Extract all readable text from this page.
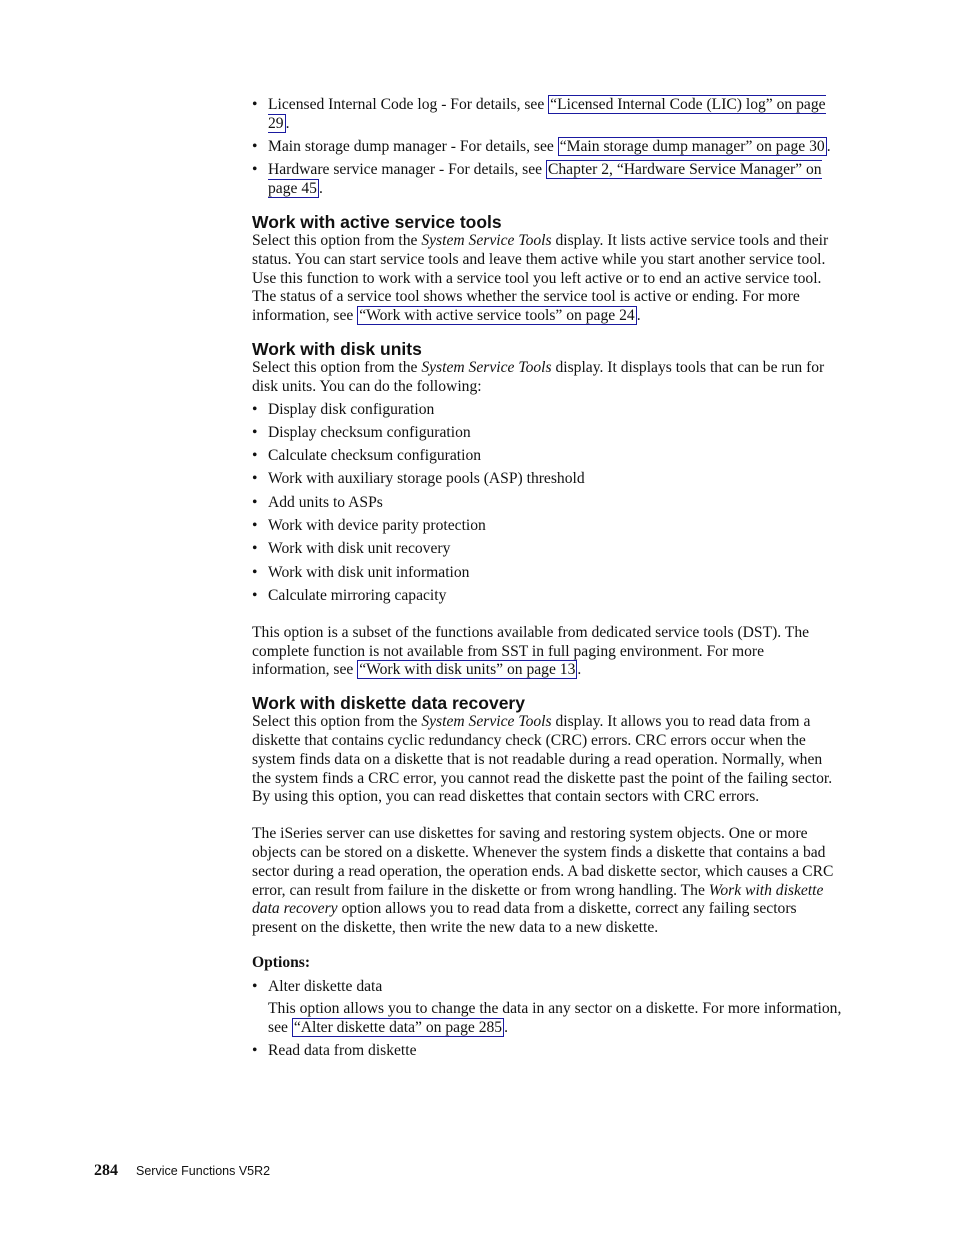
• Licensed Internal Code log - For details, see “Licensed Internal Code (LIC) log” on page 29 .
• Main storage dump manager - For details, see “Main storage dump manager” on page 30 .
• Hardware service manager - For details, see Chapter 2, “Hardware Service Manager” on page 45 .
Work with active service tools

Select this option from the System Service Tools display. It lists active service tools and their status. You can start service tools and leave them active while you start another service tool. Use this function to work with a service tool you left active or to end an active service tool. The status of a service tool shows whether the service tool is active or ending. For more information, see “Work with active service tools” on page 24 .

Work with disk units

Select this option from the System Service Tools display. It displays tools that can be run for disk units. You can do the following:

• Display disk configuration
• Display checksum configuration
• Calculate checksum configuration
• Work with auxiliary storage pools (ASP) threshold
• Add units to ASPs
• Work with device parity protection
• Work with disk unit recovery
• Work with disk unit information
• Calculate mirroring capacity

This option is a subset of the functions available from dedicated service tools (DST). The complete function is not available from SST in full paging environment. For more information, see “Work with disk units” on page 13 .

Work with diskette data recovery

Select this option from the System Service Tools display. It allows you to read data from a diskette that contains cyclic redundancy check (CRC) errors. CRC errors occur when the system finds data on a diskette that is not readable during a read operation. Normally, when the system finds a CRC error, you cannot read the diskette past the point of the failing sector. By using this option, you can read diskettes that contain sectors with CRC errors.

The iSeries server can use diskettes for saving and restoring system objects. One or more objects can be stored on a diskette. Whenever the system finds a diskette that contains a bad sector during a read operation, the operation ends. A bad diskette sector, which causes a CRC error, can result from failure in the diskette or from wrong handling. The Work with diskette data recovery option allows you to read data from a diskette, correct any failing sectors present on the diskette, then write the new data to a new diskette.

Options:

• Alter diskette data

This option allows you to change the data in any sector on a diskette. For more information, see “Alter diskette data” on page 285 .

• Read data from diskette
284 Service Functions V5R2
